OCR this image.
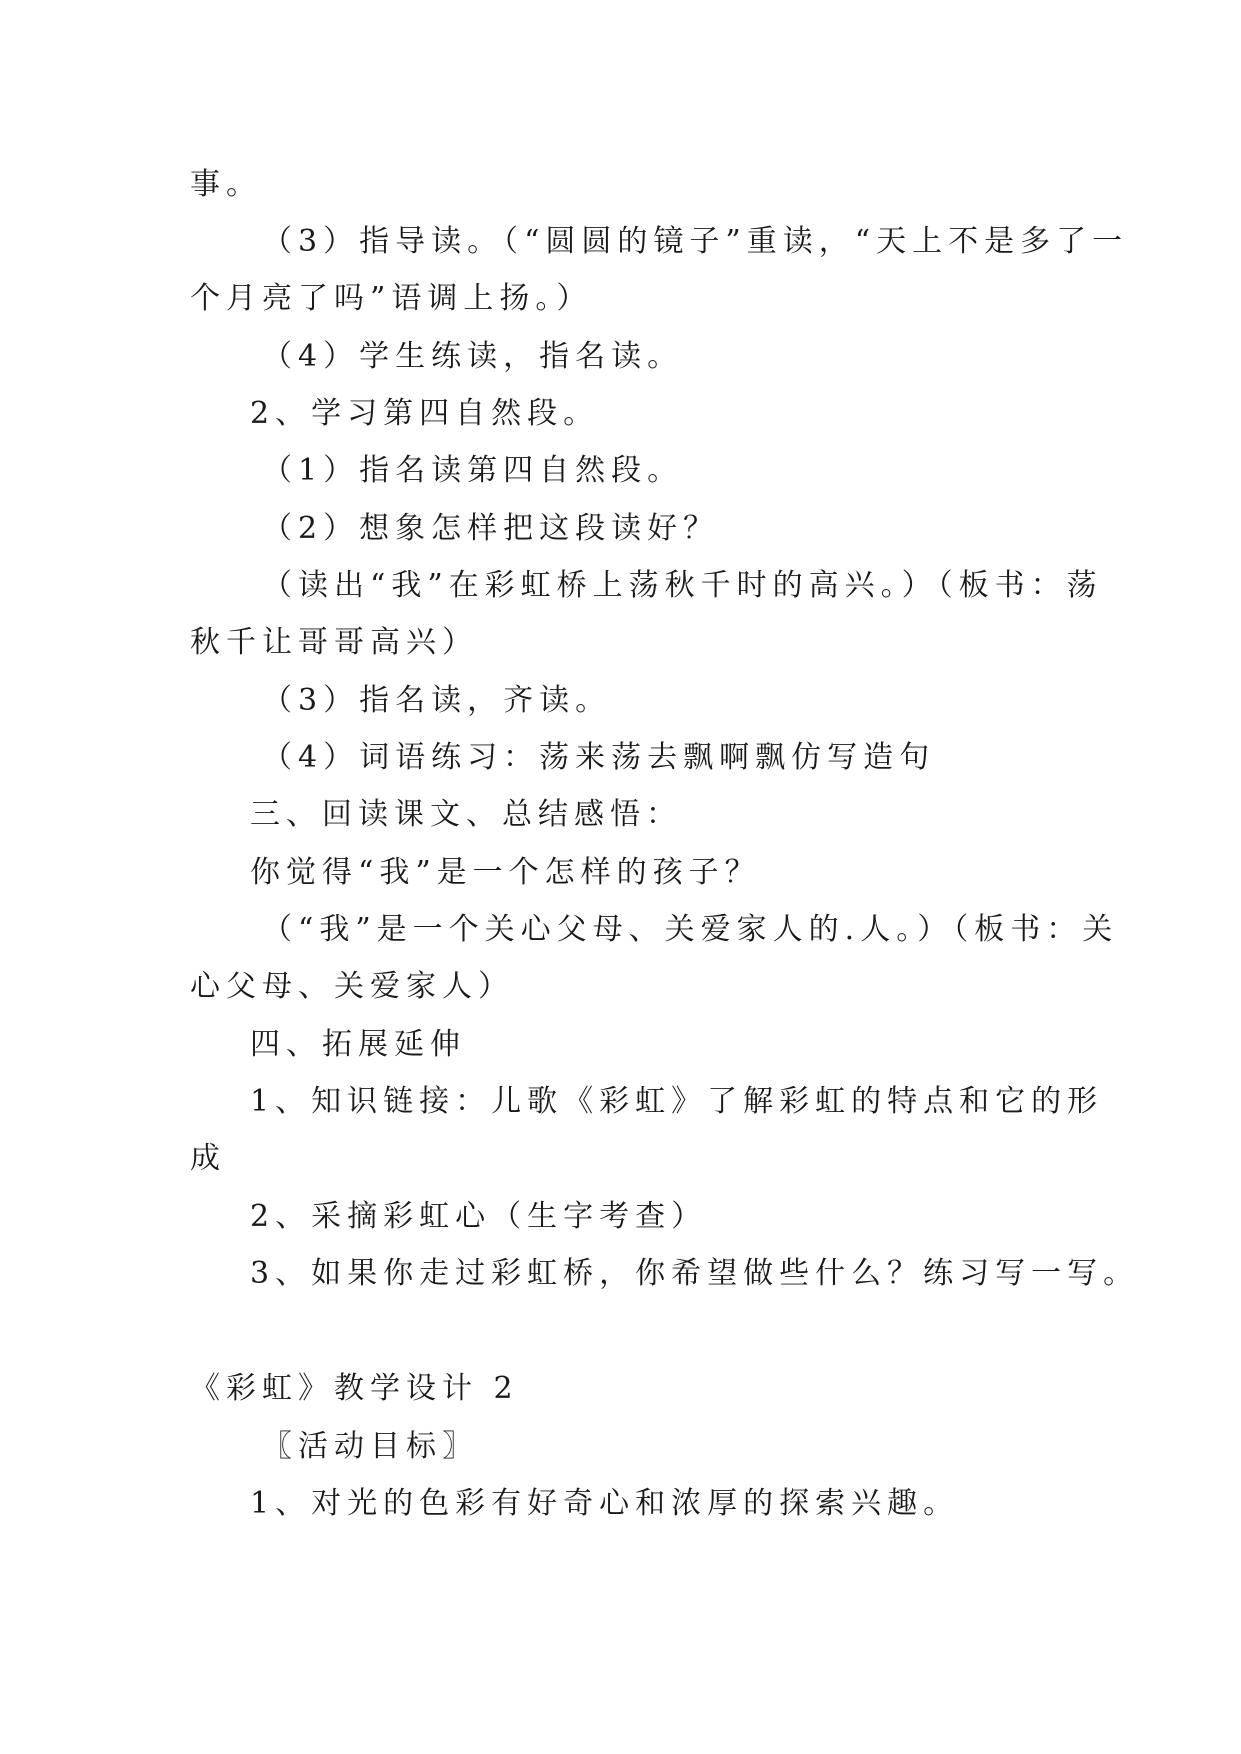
事。
（3）指导读。（“圆圆的镜子”重读，“天上不是多了一
个月亮了吗”语调上扬。）
（4）学生练读，指名读。
2、学习第四自然段。
（1）指名读第四自然段。
（2）想象怎样把这段读好？
（读出“我”在彩虹桥上荡秋千时的高兴。）（板书：荡
秋千让哥哥高兴）
（3）指名读，齐读。
（4）词语练习：荡来荡去飘啊飘仿写造句
三、回读课文、总结感悟：
你觉得“我”是一个怎样的孩子？
（“我”是一个关心父母、关爱家人的.人。）（板书：关
心父母、关爱家人）
四、拓展延伸
1、知识链接：儿歌《彩虹》了解彩虹的特点和它的形
成
2、采摘彩虹心（生字考查）
3、如果你走过彩虹桥，你希望做些什么？练习写一写。
《彩虹》教学设计 2
〖活动目标〗
1、对光的色彩有好奇心和浓厚的探索兴趣。
